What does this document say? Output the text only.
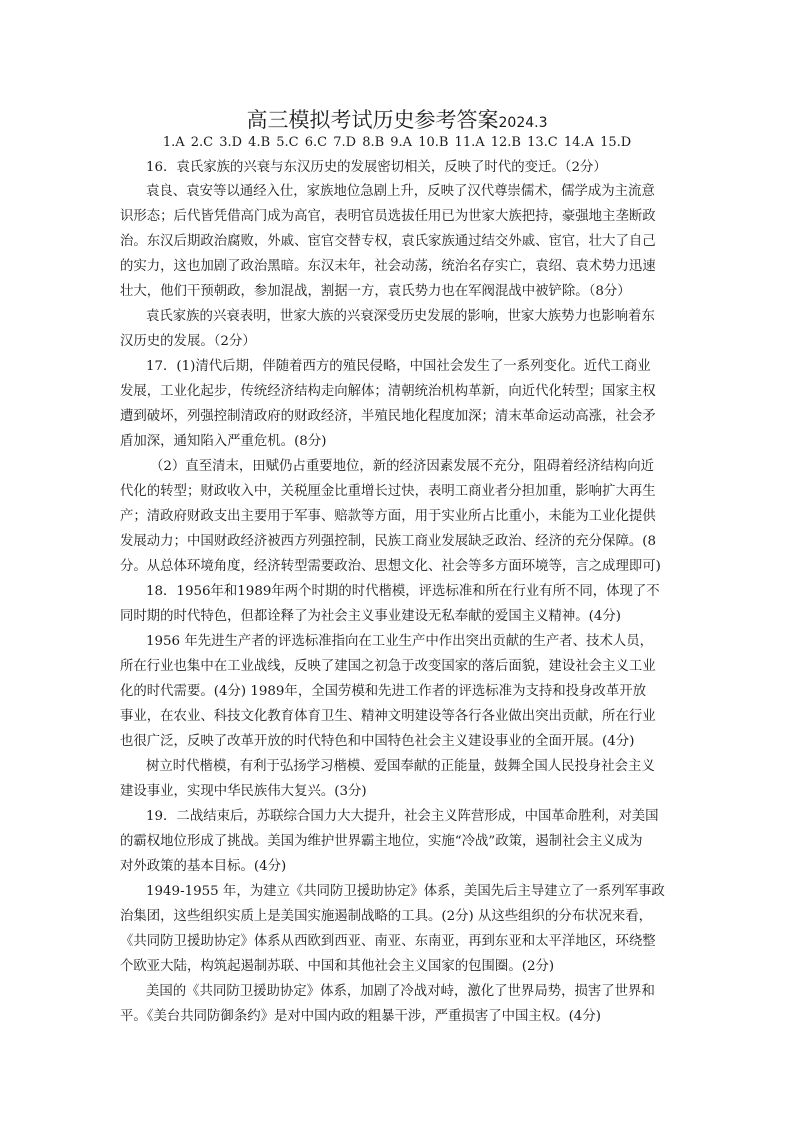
高三模拟考试历史参考答案2024.3
1.A 2.C 3.D 4.B 5.C 6.C 7.D 8.B 9.A 10.B 11.A 12.B 13.C 14.A 15.D
16．袁氏家族的兴衰与东汉历史的发展密切相关，反映了时代的变迁。（2分）
袁良、袁安等以通经入仕，家族地位急剧上升，反映了汉代尊崇儒术，儒学成为主流意
识形态；后代皆凭借高门成为高官，表明官员选拔任用已为世家大族把持，豪强地主垄断政
治。东汉后期政治腐败，外戚、宦官交替专权，袁氏家族通过结交外戚、宦官，壮大了自己
的实力，这也加剧了政治黑暗。东汉末年，社会动荡，统治名存实亡，袁绍、袁术势力迅速
壮大，他们干预朝政，参加混战，割据一方，袁氏势力也在军阀混战中被铲除。（8分）
袁氏家族的兴衰表明，世家大族的兴衰深受历史发展的影响，世家大族势力也影响着东
汉历史的发展。（2分）
17．(1)清代后期，伴随着西方的殖民侵略，中国社会发生了一系列变化。近代工商业
发展，工业化起步，传统经济结构走向解体；清朝统治机构革新，向近代化转型；国家主权
遭到破坏，列强控制清政府的财政经济，半殖民地化程度加深；清末革命运动高涨，社会矛
盾加深，通知陷入严重危机。(8分)
（2）直至清末，田赋仍占重要地位，新的经济因素发展不充分，阻碍着经济结构向近
代化的转型；财政收入中，关税厘金比重增长过快，表明工商业者分担加重，影响扩大再生
产；清政府财政支出主要用于军事、赔款等方面，用于实业所占比重小，未能为工业化提供
发展动力；中国财政经济被西方列强控制，民族工商业发展缺乏政治、经济的充分保障。(8
分。从总体环境角度，经济转型需要政治、思想文化、社会等多方面环境等，言之成理即可)
18．1956年和1989年两个时期的时代楷模，评选标准和所在行业有所不同，体现了不
同时期的时代特色，但都诠释了为社会主义事业建设无私奉献的爱国主义精神。(4分)
1956 年先进生产者的评选标准指向在工业生产中作出突出贡献的生产者、技术人员，
所在行业也集中在工业战线，反映了建国之初急于改变国家的落后面貌，建设社会主义工业
化的时代需要。(4分) 1989年，全国劳模和先进工作者的评选标准为支持和投身改革开放
事业，在农业、科技文化教育体育卫生、精神文明建设等各行各业做出突出贡献，所在行业
也很广泛，反映了改革开放的时代特色和中国特色社会主义建设事业的全面开展。(4分)
树立时代楷模，有利于弘扬学习楷模、爱国奉献的正能量，鼓舞全国人民投身社会主义
建设事业，实现中华民族伟大复兴。(3分)
19．二战结束后，苏联综合国力大大提升，社会主义阵营形成，中国革命胜利，对美国
的霸权地位形成了挑战。美国为维护世界霸主地位，实施“冷战”政策，遏制社会主义成为
对外政策的基本目标。(4分)
1949-1955 年，为建立《共同防卫援助协定》体系，美国先后主导建立了一系列军事政
治集团，这些组织实质上是美国实施遏制战略的工具。(2分) 从这些组织的分布状况来看，
《共同防卫援助协定》体系从西欧到西亚、南亚、东南亚，再到东亚和太平洋地区，环绕整
个欧亚大陆，构筑起遏制苏联、中国和其他社会主义国家的包围圈。(2分)
美国的《共同防卫援助协定》体系，加剧了冷战对峙，激化了世界局势，损害了世界和
平。《美台共同防御条约》是对中国内政的粗暴干涉，严重损害了中国主权。(4分)
